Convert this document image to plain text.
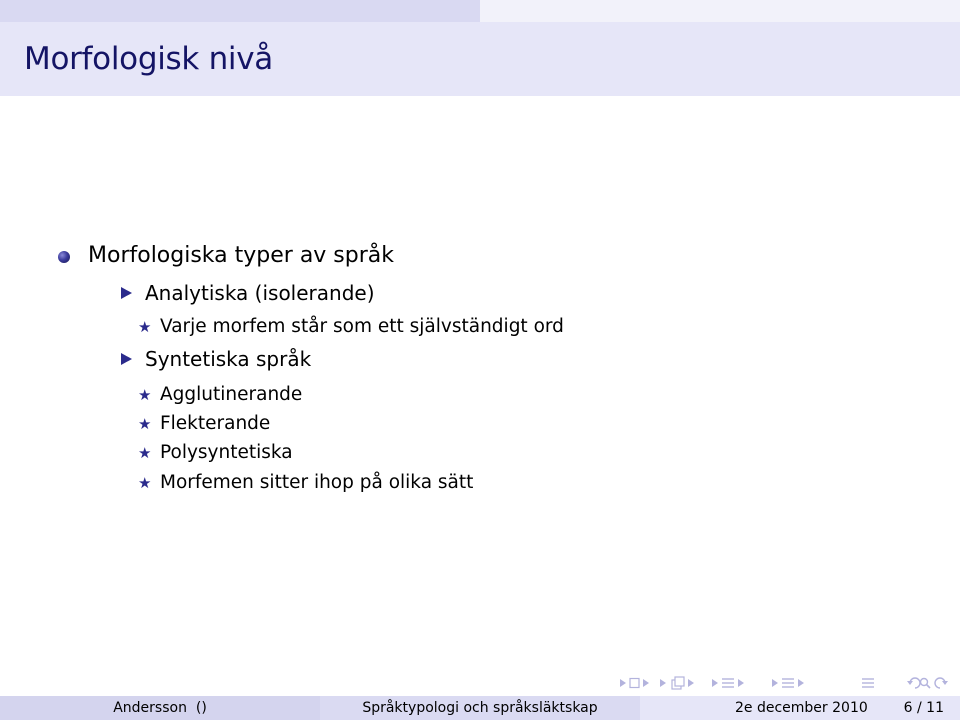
Morfologisk nivå
Morfologiska typer av språk
Analytiska (isolerande)
★ Varje morfem står som ett självständigt ord
Syntetiska språk
★ Agglutinerande
★ Flekterande
★ Polysyntetiska
★ Morfemen sitter ihop på olika sätt
Andersson  ()	Språktypologi och språksläktskap	2e december 2010	6 / 11
